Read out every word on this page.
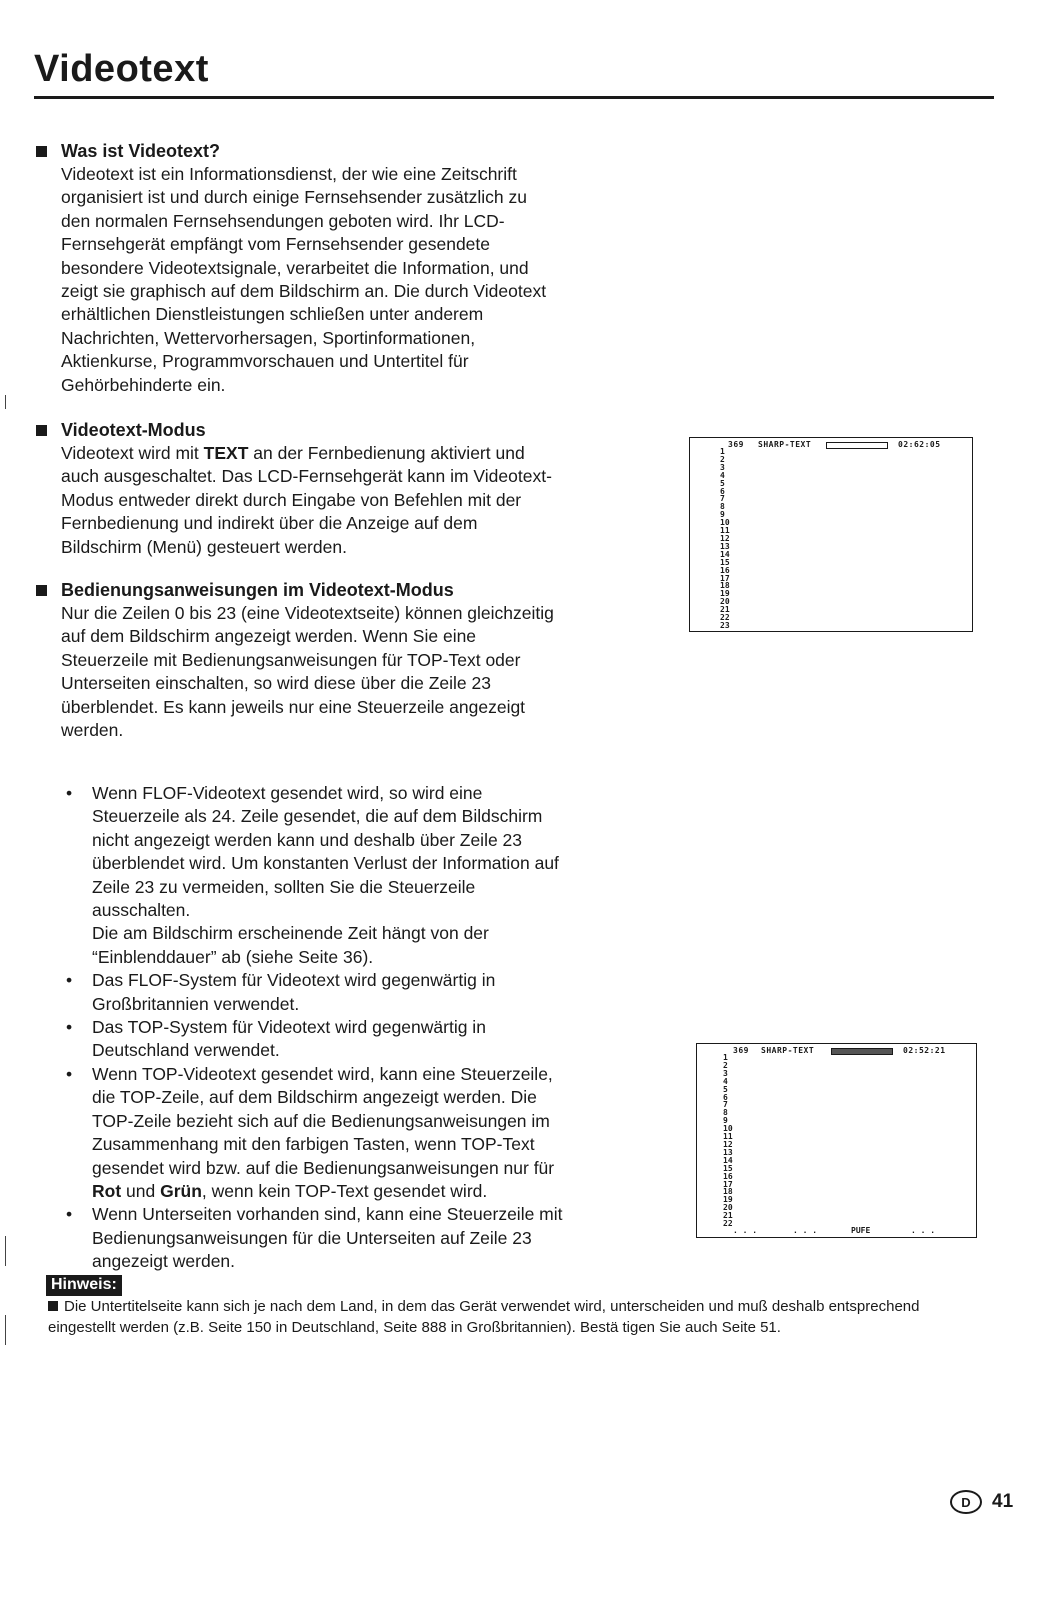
Videotext
Was ist Videotext?
Videotext ist ein Informationsdienst, der wie eine Zeitschrift
organisiert ist und durch einige Fernsehsender zusätzlich zu
den normalen Fernsehsendungen geboten wird. Ihr LCD-
Fernsehgerät empfängt vom Fernsehsender gesendete
besondere Videotextsignale, verarbeitet die Information, und
zeigt sie graphisch auf dem Bildschirm an. Die durch Videotext
erhältlichen Dienstleistungen schließen unter anderem
Nachrichten, Wettervorhersagen, Sportinformationen,
Aktienkurse, Programmvorschauen und Untertitel für
Gehörbehinderte ein.
Videotext-Modus
Videotext wird mit TEXT an der Fernbedienung aktiviert und
auch ausgeschaltet. Das LCD-Fernsehgerät kann im Videotext-
Modus entweder direkt durch Eingabe von Befehlen mit der
Fernbedienung und indirekt über die Anzeige auf dem
Bildschirm (Menü) gesteuert werden.
Bedienungsanweisungen im Videotext-Modus
Nur die Zeilen 0 bis 23 (eine Videotextseite) können gleichzeitig
auf dem Bildschirm angezeigt werden. Wenn Sie eine
Steuerzeile mit Bedienungsanweisungen für TOP-Text oder
Unterseiten einschalten, so wird diese über die Zeile 23
überblendet. Es kann jeweils nur eine Steuerzeile angezeigt
werden.
• Wenn FLOF-Videotext gesendet wird, so wird eine
Steuerzeile als 24. Zeile gesendet, die auf dem Bildschirm
nicht angezeigt werden kann und deshalb über Zeile 23
überblendet wird. Um konstanten Verlust der Information auf
Zeile 23 zu vermeiden, sollten Sie die Steuerzeile
ausschalten.
Die am Bildschirm erscheinende Zeit hängt von der
“Einblenddauer” ab (siehe Seite 36).
• Das FLOF-System für Videotext wird gegenwärtig in
Großbritannien verwendet.
• Das TOP-System für Videotext wird gegenwärtig in
Deutschland verwendet.
• Wenn TOP-Videotext gesendet wird, kann eine Steuerzeile,
die TOP-Zeile, auf dem Bildschirm angezeigt werden. Die
TOP-Zeile bezieht sich auf die Bedienungsanweisungen im
Zusammenhang mit den farbigen Tasten, wenn TOP-Text
gesendet wird bzw. auf die Bedienungsanweisungen nur für
Rot und Grün, wenn kein TOP-Text gesendet wird.
• Wenn Unterseiten vorhanden sind, kann eine Steuerzeile mit
Bedienungsanweisungen für die Unterseiten auf Zeile 23
angezeigt werden.
369 SHARP-TEXT	02:62:05
1
2
3
4
5
6
7
8
9
10
11
12
13
14
15
16
17
18
19
20
21
22
23
369 SHARP-TEXT	02:52:21
1
2
3
4
5
6
7
8
9
10
11
12
13
14
15
16
17
18
19
20
21
22
. . .	. . .	PUFE	. . .
Hinweis:
Die Untertitelseite kann sich je nach dem Land, in dem das Gerät verwendet wird, unterscheiden und muß deshalb entsprechend eingestellt werden (z.B. Seite 150 in Deutschland, Seite 888 in Großbritannien). Bestä tigen Sie auch Seite 51.
D	41
